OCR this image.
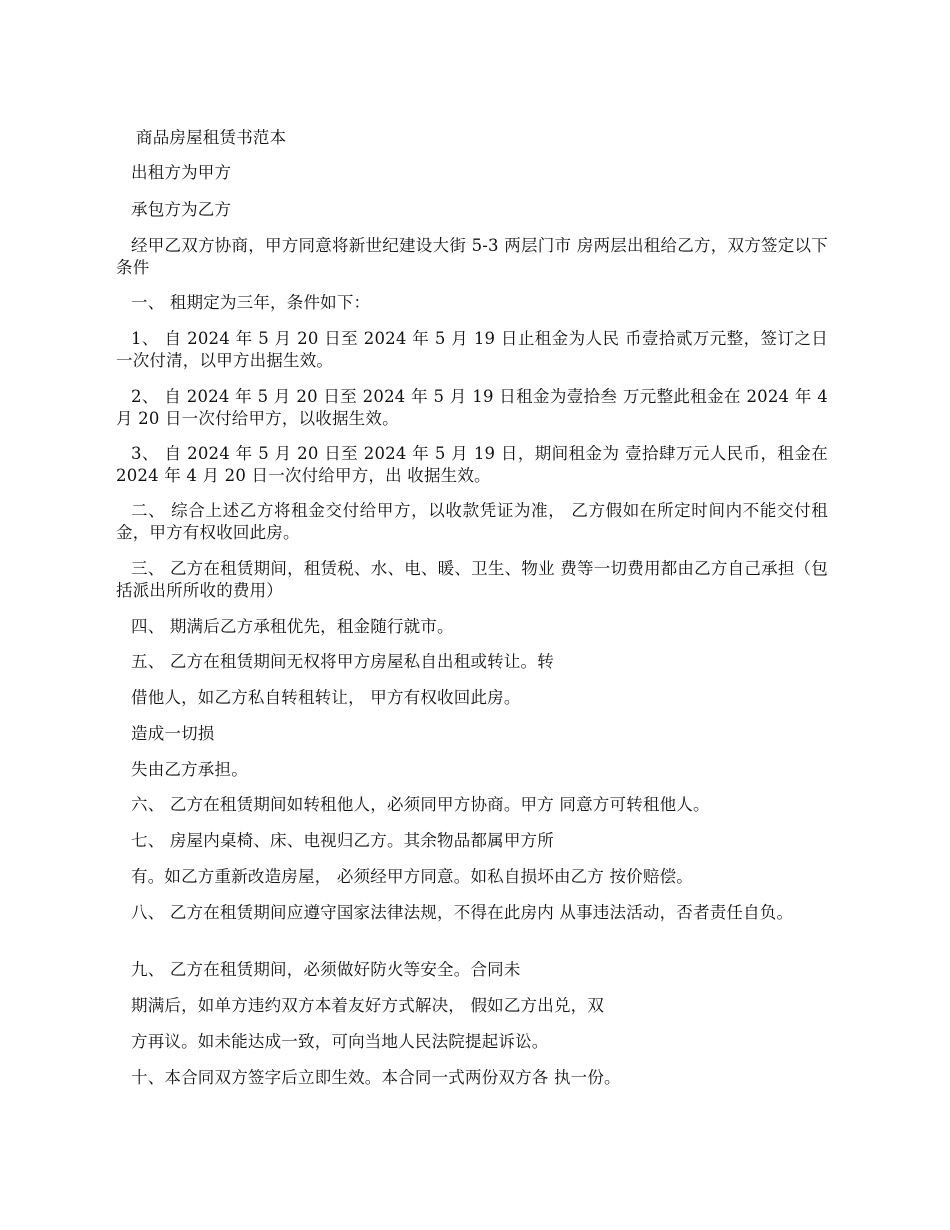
商品房屋租赁书范本

出租方为甲方

承包方为乙方

经甲乙双方协商，甲方同意将新世纪建设大街 5-3 两层门市 房两层出租给乙方，双方签定以下条件

一、 租期定为三年，条件如下：

1、 自 2024 年 5 月 20 日至 2024 年 5 月 19 日止租金为人民 币壹拾贰万元整，签订之日一次付清，以甲方出据生效。

2、 自 2024 年 5 月 20 日至 2024 年 5 月 19 日租金为壹拾叁 万元整此租金在 2024 年 4 月 20 日一次付给甲方，以收据生效。

3、 自 2024 年 5 月 20 日至 2024 年 5 月 19 日，期间租金为 壹拾肆万元人民币，租金在 2024 年 4 月 20 日一次付给甲方，出 收据生效。

二、 综合上述乙方将租金交付给甲方，以收款凭证为准， 乙方假如在所定时间内不能交付租金，甲方有权收回此房。

三、 乙方在租赁期间，租赁税、水、电、暖、卫生、物业 费等一切费用都由乙方自己承担（包括派出所所收的费用）

四、 期满后乙方承租优先，租金随行就市。

五、 乙方在租赁期间无权将甲方房屋私自出租或转让。转

借他人，如乙方私自转租转让， 甲方有权收回此房。

造成一切损

失由乙方承担。

六、 乙方在租赁期间如转租他人，必须同甲方协商。甲方 同意方可转租他人。

七、 房屋内桌椅、床、电视归乙方。其余物品都属甲方所

有。如乙方重新改造房屋， 必须经甲方同意。如私自损坏由乙方 按价赔偿。

八、 乙方在租赁期间应遵守国家法律法规，不得在此房内 从事违法活动，否者责任自负。

九、 乙方在租赁期间，必须做好防火等安全。合同未

期满后，如单方违约双方本着友好方式解决， 假如乙方出兑，双

方再议。如未能达成一致，可向当地人民法院提起诉讼。

十、本合同双方签字后立即生效。本合同一式两份双方各 执一份。
